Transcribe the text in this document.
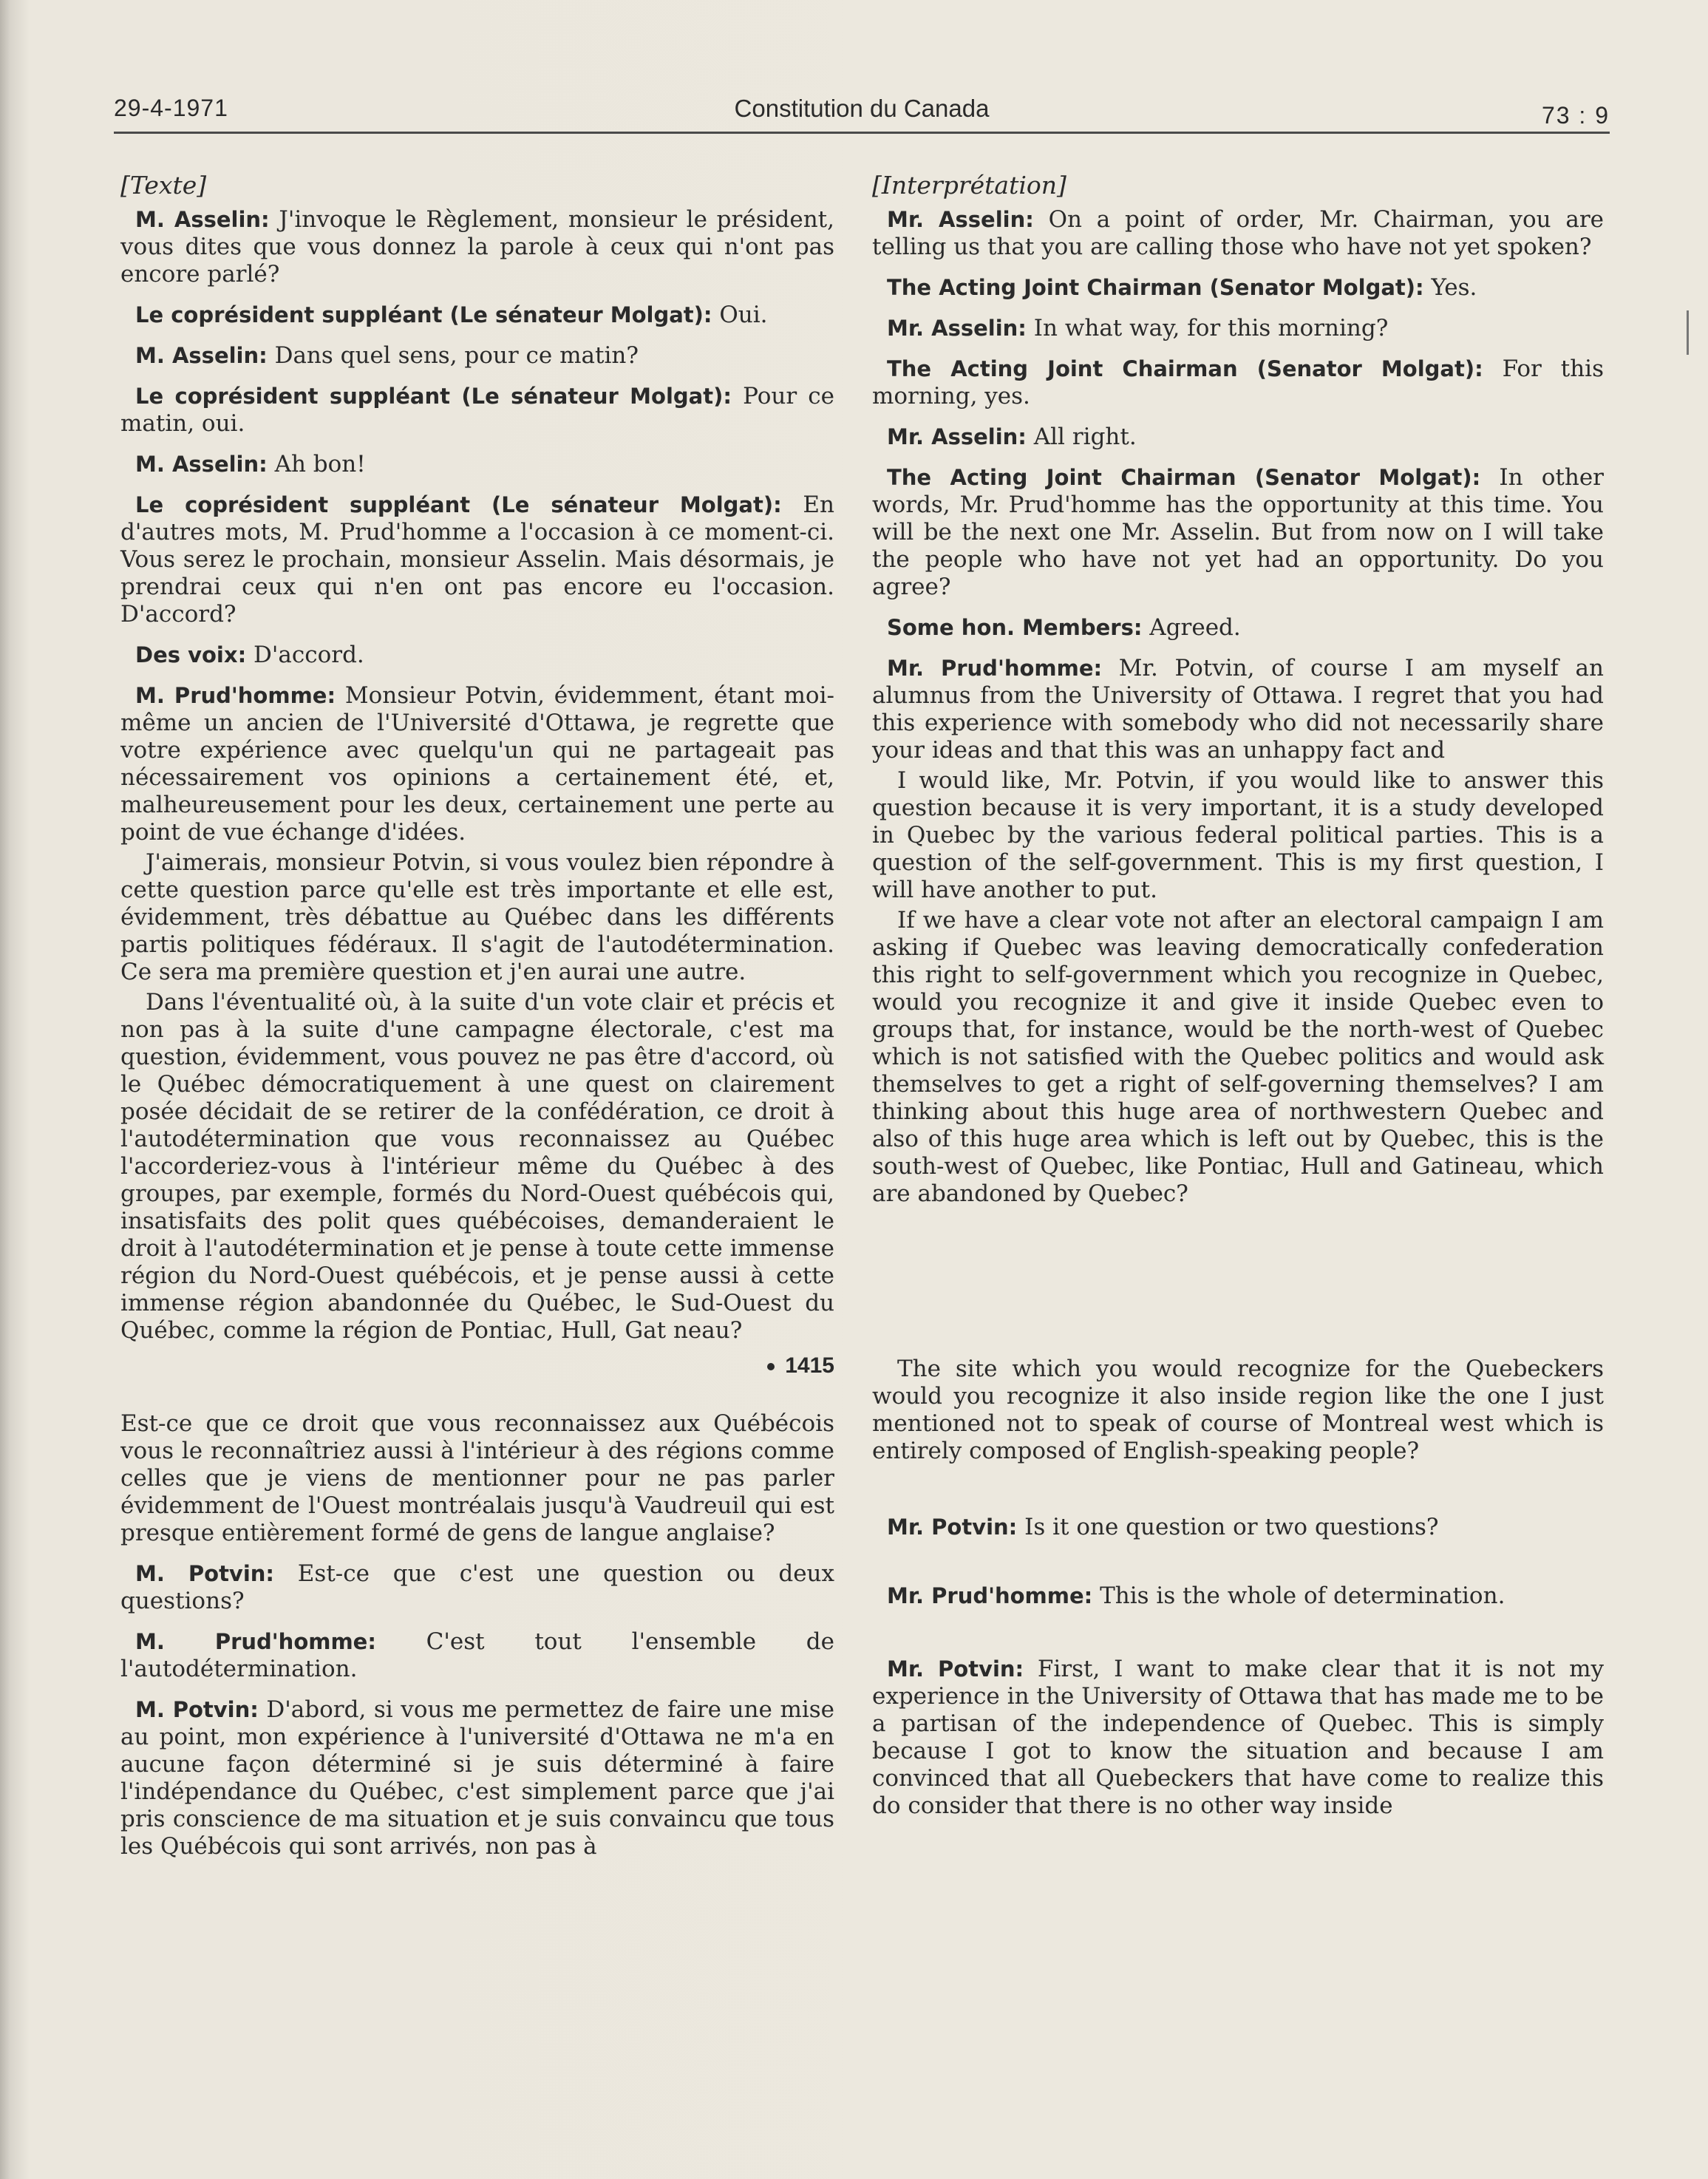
29-4-1971	Constitution du Canada	73 : 9
[Texte]

M. Asselin: J'invoque le Règlement, monsieur le président, vous dites que vous donnez la parole à ceux qui n'ont pas encore parlé?

Le coprésident suppléant (Le sénateur Molgat): Oui.

M. Asselin: Dans quel sens, pour ce matin?

Le coprésident suppléant (Le sénateur Molgat): Pour ce matin, oui.

M. Asselin: Ah bon!

Le coprésident suppléant (Le sénateur Molgat): En d'autres mots, M. Prud'homme a l'occasion à ce moment-ci. Vous serez le prochain, monsieur Asselin. Mais désormais, je prendrai ceux qui n'en ont pas encore eu l'occasion. D'accord?

Des voix: D'accord.

M. Prud'homme: Monsieur Potvin, évidemment, étant moi-même un ancien de l'Université d'Ottawa, je regrette que votre expérience avec quelqu'un qui ne partageait pas nécessairement vos opinions a certainement été, et, malheureusement pour les deux, certainement une perte au point de vue échange d'idées.

J'aimerais, monsieur Potvin, si vous voulez bien répondre à cette question parce qu'elle est très importante et elle est, évidemment, très débattue au Québec dans les différents partis politiques fédéraux. Il s'agit de l'autodétermination. Ce sera ma première question et j'en aurai une autre.

Dans l'éventualité où, à la suite d'un vote clair et précis et non pas à la suite d'une campagne électorale, c'est ma question, évidemment, vous pouvez ne pas être d'accord, où le Québec démocratiquement à une quest on clairement posée décidait de se retirer de la confédération, ce droit à l'autodétermination que vous reconnaissez au Québec l'accorderiez-vous à l'intérieur même du Québec à des groupes, par exemple, formés du Nord-Ouest québécois qui, insatisfaits des polit ques québécoises, demanderaient le droit à l'autodétermination et je pense à toute cette immense région du Nord-Ouest québécois, et je pense aussi à cette immense région abandonnée du Québec, le Sud-Ouest du Québec, comme la région de Pontiac, Hull, Gat neau?

1415

Est-ce que ce droit que vous reconnaissez aux Québécois vous le reconnaîtriez aussi à l'intérieur à des régions comme celles que je viens de mentionner pour ne pas parler évidemment de l'Ouest montréalais jusqu'à Vaudreuil qui est presque entièrement formé de gens de langue anglaise?

M. Potvin: Est-ce que c'est une question ou deux questions?

M. Prud'homme: C'est tout l'ensemble de l'autodétermination.

M. Potvin: D'abord, si vous me permettez de faire une mise au point, mon expérience à l'université d'Ottawa ne m'a en aucune façon déterminé si je suis déterminé à faire l'indépendance du Québec, c'est simplement parce que j'ai pris conscience de ma situation et je suis convaincu que tous les Québécois qui sont arrivés, non pas à

[Interprétation]

Mr. Asselin: On a point of order, Mr. Chairman, you are telling us that you are calling those who have not yet spoken?

The Acting Joint Chairman (Senator Molgat): Yes.

Mr. Asselin: In what way, for this morning?

The Acting Joint Chairman (Senator Molgat): For this morning, yes.

Mr. Asselin: All right.

The Acting Joint Chairman (Senator Molgat): In other words, Mr. Prud'homme has the opportunity at this time. You will be the next one Mr. Asselin. But from now on I will take the people who have not yet had an opportunity. Do you agree?

Some hon. Members: Agreed.

Mr. Prud'homme: Mr. Potvin, of course I am myself an alumnus from the University of Ottawa. I regret that you had this experience with somebody who did not necessarily share your ideas and that this was an unhappy fact and

I would like, Mr. Potvin, if you would like to answer this question because it is very important, it is a study developed in Quebec by the various federal political parties. This is a question of the self-government. This is my first question, I will have another to put.

If we have a clear vote not after an electoral campaign I am asking if Quebec was leaving democratically confederation this right to self-government which you recognize in Quebec, would you recognize it and give it inside Quebec even to groups that, for instance, would be the north-west of Quebec which is not satisfied with the Quebec politics and would ask themselves to get a right of self-governing themselves? I am thinking about this huge area of northwestern Quebec and also of this huge area which is left out by Quebec, this is the south-west of Quebec, like Pontiac, Hull and Gatineau, which are abandoned by Quebec?

The site which you would recognize for the Quebeckers would you recognize it also inside region like the one I just mentioned not to speak of course of Montreal west which is entirely composed of English-speaking people?

Mr. Potvin: Is it one question or two questions?

Mr. Prud'homme: This is the whole of determination.

Mr. Potvin: First, I want to make clear that it is not my experience in the University of Ottawa that has made me to be a partisan of the independence of Quebec. This is simply because I got to know the situation and because I am convinced that all Quebeckers that have come to realize this do consider that there is no other way inside
